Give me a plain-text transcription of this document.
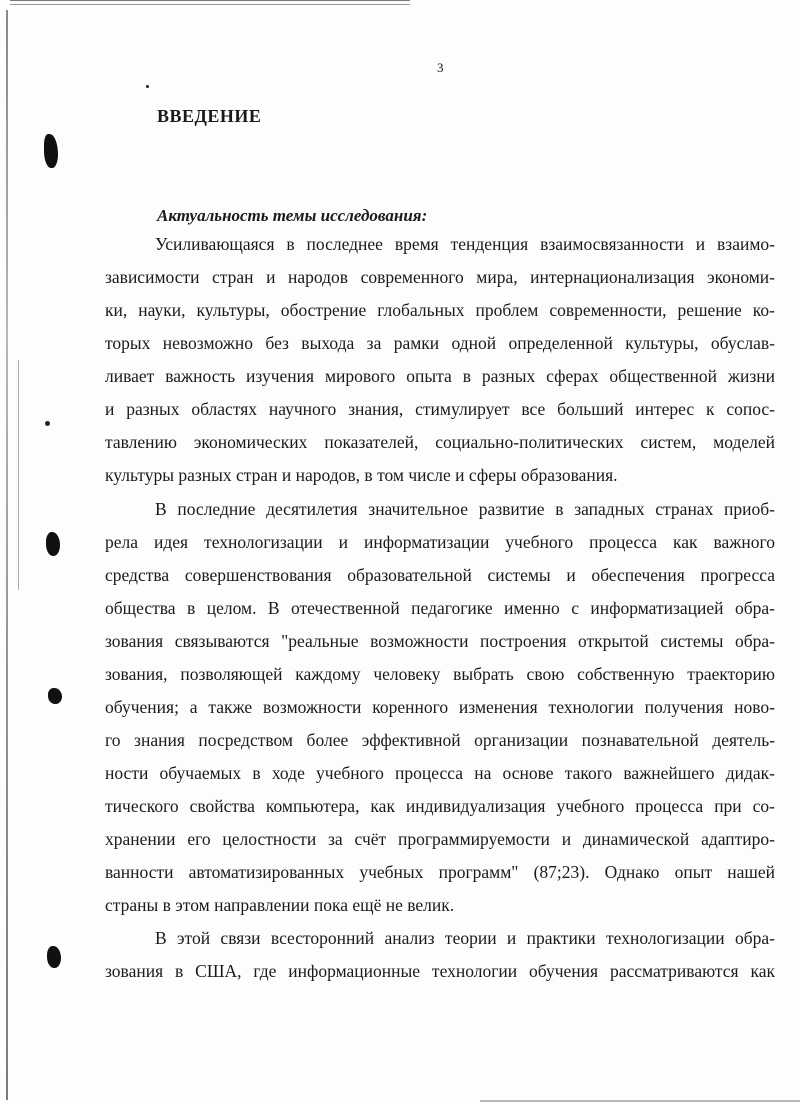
3
ВВЕДЕНИЕ
Актуальность темы исследования:
Усиливающаяся в последнее время тенденция взаимосвязанности и взаимо-
зависимости стран и народов современного мира, интернационализация экономи-
ки, науки, культуры, обострение глобальных проблем современности, решение ко-
торых невозможно без выхода за рамки одной определенной культуры, обуслав-
ливает важность изучения мирового опыта в разных сферах общественной жизни
и разных областях научного знания, стимулирует все больший интерес к сопос-
тавлению экономических показателей, социально-политических систем, моделей
культуры разных стран и народов, в том числе и сферы образования.
В последние десятилетия значительное развитие в западных странах приоб-
рела идея технологизации и информатизации учебного процесса как важного
средства совершенствования образовательной системы и обеспечения прогресса
общества в целом. В отечественной педагогике именно с информатизацией обра-
зования связываются "реальные возможности построения открытой системы обра-
зования, позволяющей каждому человеку выбрать свою собственную траекторию
обучения; а также возможности коренного изменения технологии получения ново-
го знания посредством более эффективной организации познавательной деятель-
ности обучаемых в ходе учебного процесса на основе такого важнейшего дидак-
тического свойства компьютера, как индивидуализация учебного процесса при со-
хранении его целостности за счёт программируемости и динамической адаптиро-
ванности автоматизированных учебных программ" (87;23). Однако опыт нашей
страны в этом направлении пока ещё не велик.
В этой связи всесторонний анализ теории и практики технологизации обра-
зования в США, где информационные технологии обучения рассматриваются как
